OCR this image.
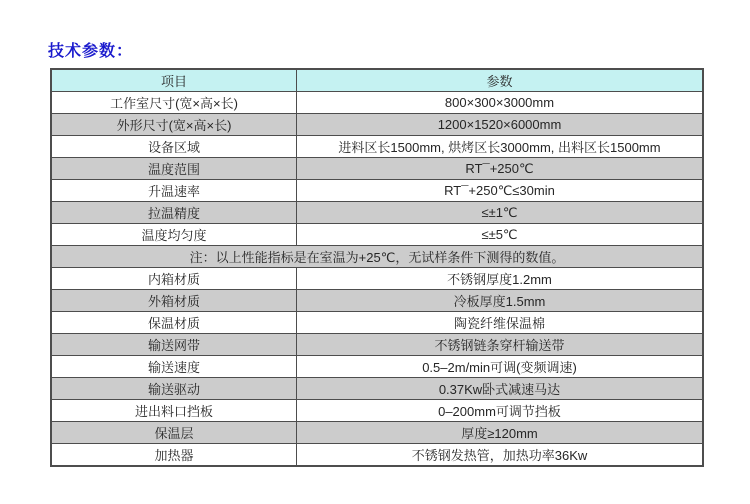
技术参数：
项目	参数
工作室尺寸(宽×高×长)	800×300×3000mm
外形尺寸(宽×高×长)	1200×1520×6000mm
设备区域	进料区长1500mm, 烘烤区长3000mm, 出料区长1500mm
温度范围	RT¯+250℃
升温速率	RT¯+250℃≤30min
拉温精度	≤±1℃
温度均匀度	≤±5℃
注：以上性能指标是在室温为+25℃，无试样条件下测得的数值。	
内箱材质	不锈钢厚度1.2mm
外箱材质	冷板厚度1.5mm
保温材质	陶瓷纤维保温棉
输送网带	不锈钢链条穿杆输送带
输送速度	0.5–2m/min可调(变频调速)
输送驱动	0.37Kw卧式减速马达
进出料口挡板	0–200mm可调节挡板
保温层	厚度≥120mm
加热器	不锈钢发热管，加热功率36Kw
